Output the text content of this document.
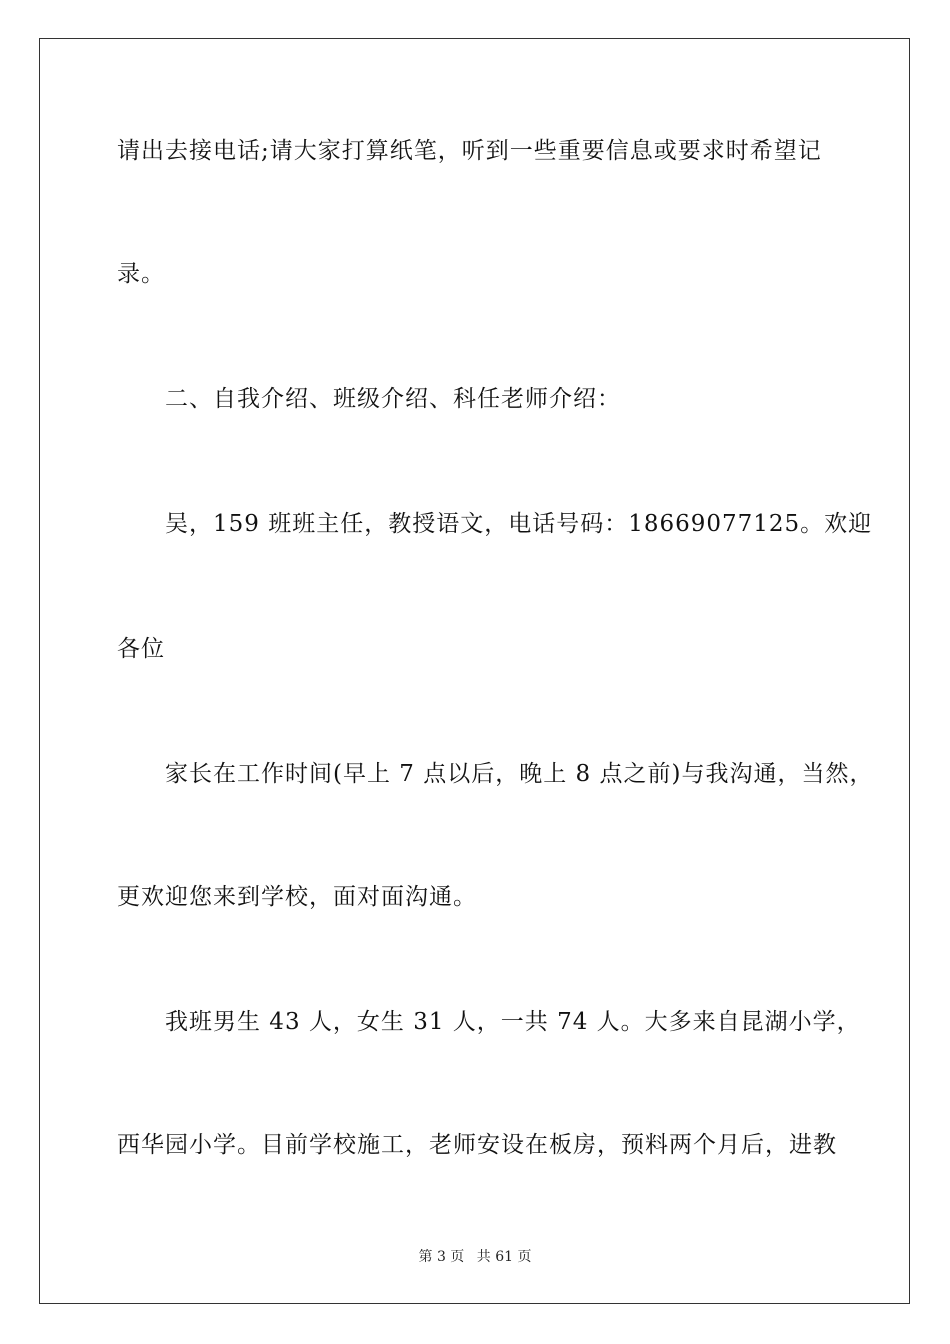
请出去接电话;请大家打算纸笔，听到一些重要信息或要求时希望记
录。
二、自我介绍、班级介绍、科任老师介绍：
吴，159 班班主任，教授语文，电话号码：18669077125。欢迎
各位
家长在工作时间(早上 7 点以后，晚上 8 点之前)与我沟通，当然，
更欢迎您来到学校，面对面沟通。
我班男生 43 人，女生 31 人，一共 74 人。大多来自昆湖小学，
西华园小学。目前学校施工，老师安设在板房，预料两个月后，进教
第 3 页 共 61 页
